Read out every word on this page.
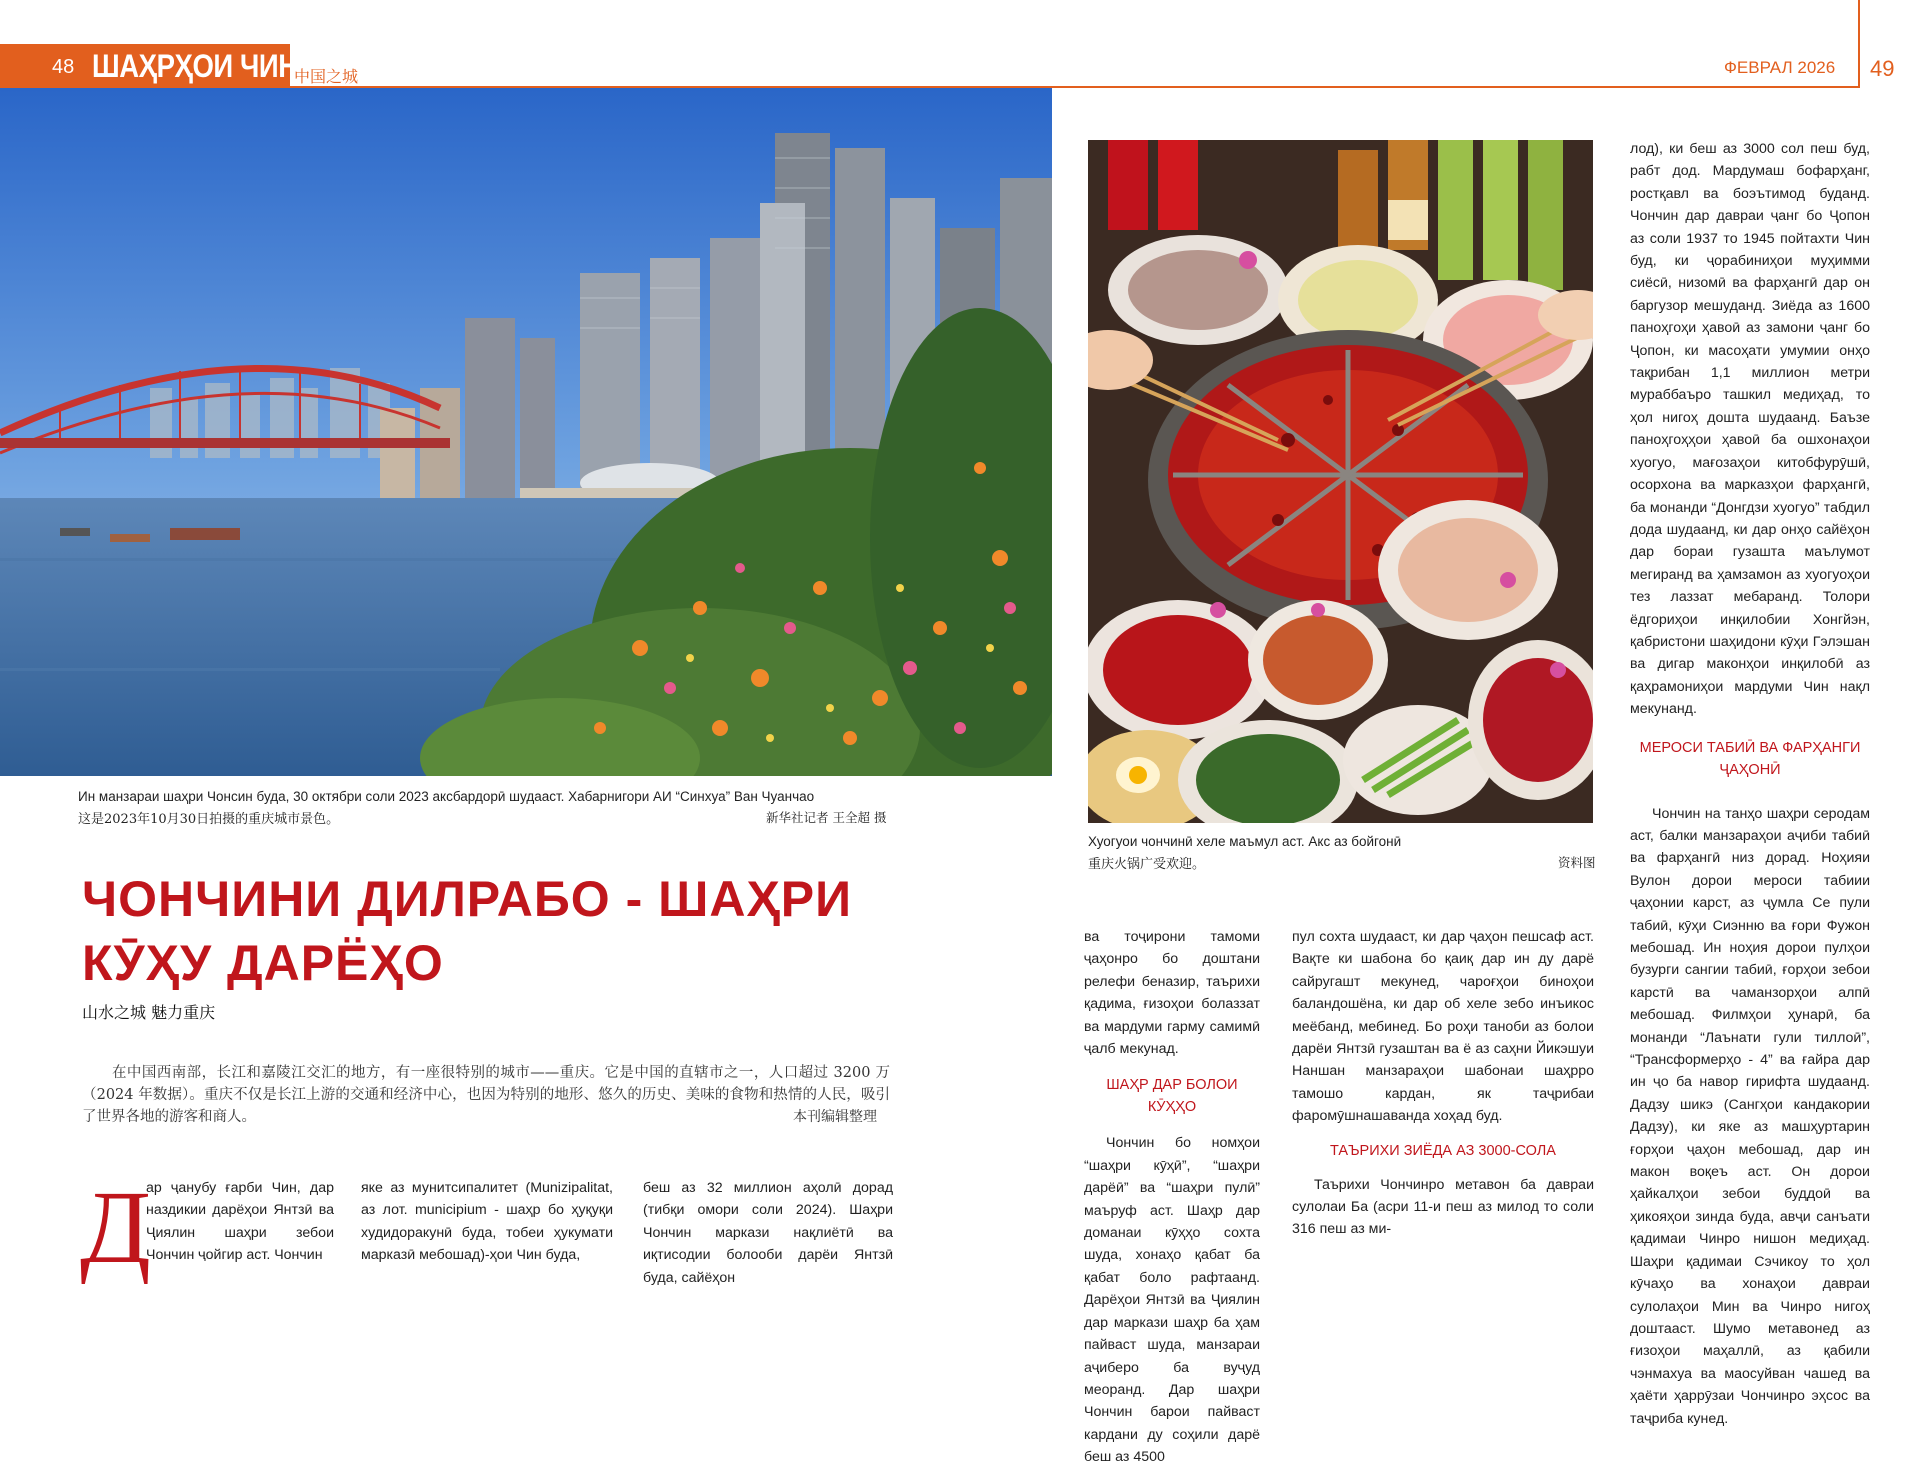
48 ШАҲРҲОИ ЧИН
中国之城	ФЕВРАЛ 2026 49
Ин манзараи шаҳри Чонсин буда, 30 октябри соли 2023 аксбардорӣ шудааст. Хабарнигори АИ “Синхуа” Ван Чуанчао
这是2023年10月30日拍摄的重庆城市景色。	新华社记者 王全超 摄
ЧОНЧИНИ ДИЛРАБО - ШАҲРИ
КӮҲУ ДАРЁҲО
山水之城 魅力重庆
在中国西南部，长江和嘉陵江交汇的地方，有一座很特别的城市——重庆。它是中国的直辖市之一，人口超过 3200 万（2024 年数据）。重庆不仅是长江上游的交通和经济中心，也因为特别的地形、悠久的历史、美味的食物和热情的人民，吸引了世界各地的游客和商人。	本刊编辑整理
Д

ар ҷанубу ғарби Чин, дар наздикии дарёҳои Янтзӣ ва Ҷиялин шаҳри зебои Чончин ҷойгир аст. Чончин

яке аз мунитсипалитет (Munizipalitat, аз лот. municipium - шаҳр бо ҳуқуқи худидоракунӣ буда, тобеи ҳукумати марказӣ мебошад)-ҳои Чин буда,

беш аз 32 миллион аҳолӣ дорад (тибқи омори соли 2024). Шаҳри Чончин маркази нақлиётӣ ва иқтисодии болооби дарёи Янтзӣ буда, сайёҳон

Хуогуои чончинӣ хеле маъмул аст. Акс аз бойгонӣ
重庆火锅广受欢迎。	资料图

ва тоҷирони тамоми ҷаҳонро бо доштани релефи беназир, таърихи қадима, ғизоҳои болаззат ва мардуми гарму самимӣ ҷалб мекунад.

ШАҲР ДАР БОЛОИ КӮҲҲО

Чончин бо номҳои “шаҳри кӯҳӣ”, “шаҳри дарёӣ” ва “шаҳри пулӣ” маъруф аст. Шаҳр дар доманаи кӯҳҳо сохта шуда, хонаҳо қабат ба қабат боло рафтаанд. Дарёҳои Янтзӣ ва Ҷиялин дар маркази шаҳр ба ҳам пайваст шуда, манзараи аҷиберо ба вуҷуд меоранд. Дар шаҳри Чончин барои пайваст кардани ду соҳили дарё беш аз 4500

пул сохта шудааст, ки дар ҷаҳон пешсаф аст. Вақте ки шабона бо қаиқ дар ин ду дарё сайругашт мекунед, чароғҳои биноҳои баландошёна, ки дар об хеле зебо инъикос меёбанд, мебинед. Бо роҳи таноби аз болои дарёи Янтзӣ гузаштан ва ё аз саҳни Йикэшуи Наншан манзараҳои шабонаи шаҳрро тамошо кардан, як таҷрибаи фаромӯшнашаванда хоҳад буд.

ТАЪРИХИ ЗИЁДА АЗ 3000-СОЛА

Таърихи Чончинро метавон ба давраи сулолаи Ба (асри 11-и пеш аз милод то соли 316 пеш аз ми-

лод), ки беш аз 3000 сол пеш буд, рабт дод. Мардумаш бофарҳанг, ростқавл ва боэътимод буданд. Чончин дар давраи ҷанг бо Ҷопон аз соли 1937 то 1945 пойтахти Чин буд, ки ҷорабиниҳои муҳимми сиёсӣ, низомӣ ва фарҳангӣ дар он баргузор мешуданд. Зиёда аз 1600 паноҳгоҳи ҳавоӣ аз замони ҷанг бо Ҷопон, ки масоҳати умумии онҳо тақрибан 1,1 миллион метри мураббаъро ташкил медиҳад, то ҳол нигоҳ дошта шудаанд. Баъзе паноҳгоҳҳои ҳавоӣ ба ошхонаҳои хуогуо, мағозаҳои китобфурӯшӣ, осорхона ва марказҳои фарҳангӣ, ба монанди “Донгдзи хуогуо” табдил дода шудаанд, ки дар онҳо сайёҳон дар бораи гузашта маълумот мегиранд ва ҳамзамон аз хуогуоҳои тез лаззат мебаранд. Толори ёдгориҳои инқилобии Хонгйэн, қабристони шаҳидони кӯҳи Гэлэшан ва дигар маконҳои инқилобӣ аз қаҳрамониҳои мардуми Чин нақл мекунанд.

МЕРОСИ ТАБИӢ ВА ФАРҲАНГИ ҶАҲОНӢ

Чончин на танҳо шаҳри серодам аст, балки манзараҳои аҷиби табиӣ ва фарҳангӣ низ дорад. Ноҳияи Вулон дорои мероси табиии ҷаҳонии карст, аз ҷумла Се пули табиӣ, кӯҳи Сиэнню ва ғори Фужон мебошад. Ин ноҳия дорои пулҳои бузурги сангии табиӣ, ғорҳои зебои карстӣ ва чаманзорҳои алпӣ мебошад. Филмҳои ҳунарӣ, ба монанди “Лаънати гули тиллоӣ”, “Трансформерҳо - 4” ва ғайра дар ин ҷо ба навор гирифта шудаанд. Дадзу шикэ (Сангҳои кандакории Дадзу), ки яке аз машҳуртарин ғорҳои ҷаҳон мебошад, дар ин макон воқеъ аст. Он дорои ҳайкалҳои зебои буддоӣ ва ҳикояҳои зинда буда, авҷи санъати қадимаи Чинро нишон медиҳад. Шаҳри қадимаи Сэчикоу то ҳол кӯчаҳо ва хонаҳои давраи сулолаҳои Мин ва Чинро нигоҳ доштааст. Шумо метавонед аз ғизоҳои маҳаллӣ, аз қабили чэнмахуа ва маосуйван чашед ва ҳаёти ҳаррӯзаи Чончинро эҳсос ва таҷриба кунед.
